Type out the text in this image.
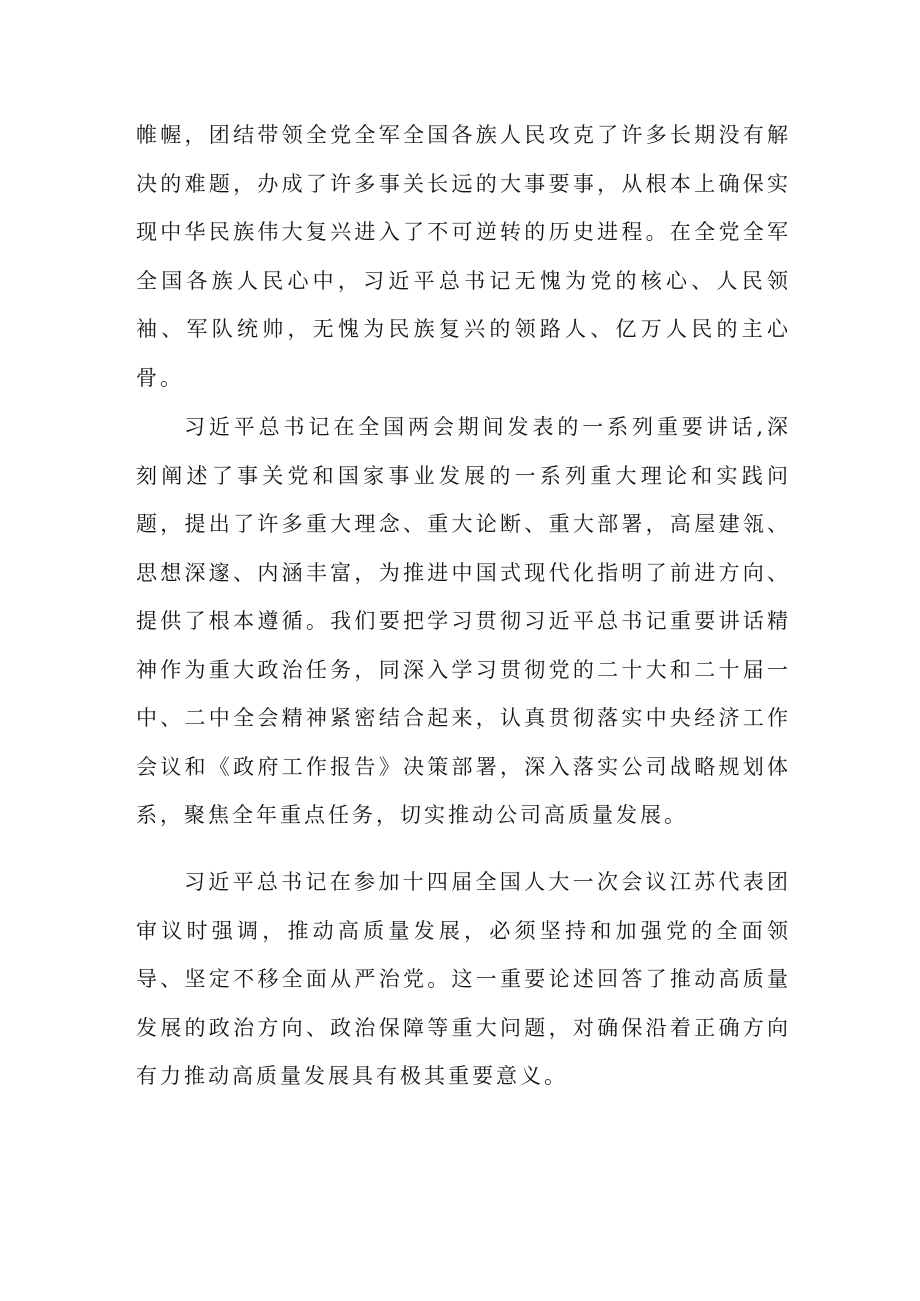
帷幄，团结带领全党全军全国各族人民攻克了许多长期没有解决的难题，办成了许多事关长远的大事要事，从根本上确保实现中华民族伟大复兴进入了不可逆转的历史进程。在全党全军全国各族人民心中，习近平总书记无愧为党的核心、人民领袖、军队统帅，无愧为民族复兴的领路人、亿万人民的主心骨。

习近平总书记在全国两会期间发表的一系列重要讲话,深刻阐述了事关党和国家事业发展的一系列重大理论和实践问题，提出了许多重大理念、重大论断、重大部署，高屋建瓴、思想深邃、内涵丰富，为推进中国式现代化指明了前进方向、提供了根本遵循。我们要把学习贯彻习近平总书记重要讲话精神作为重大政治任务，同深入学习贯彻党的二十大和二十届一中、二中全会精神紧密结合起来，认真贯彻落实中央经济工作会议和《政府工作报告》决策部署，深入落实公司战略规划体系，聚焦全年重点任务，切实推动公司高质量发展。

习近平总书记在参加十四届全国人大一次会议江苏代表团审议时强调，推动高质量发展，必须坚持和加强党的全面领导、坚定不移全面从严治党。这一重要论述回答了推动高质量发展的政治方向、政治保障等重大问题，对确保沿着正确方向有力推动高质量发展具有极其重要意义。
